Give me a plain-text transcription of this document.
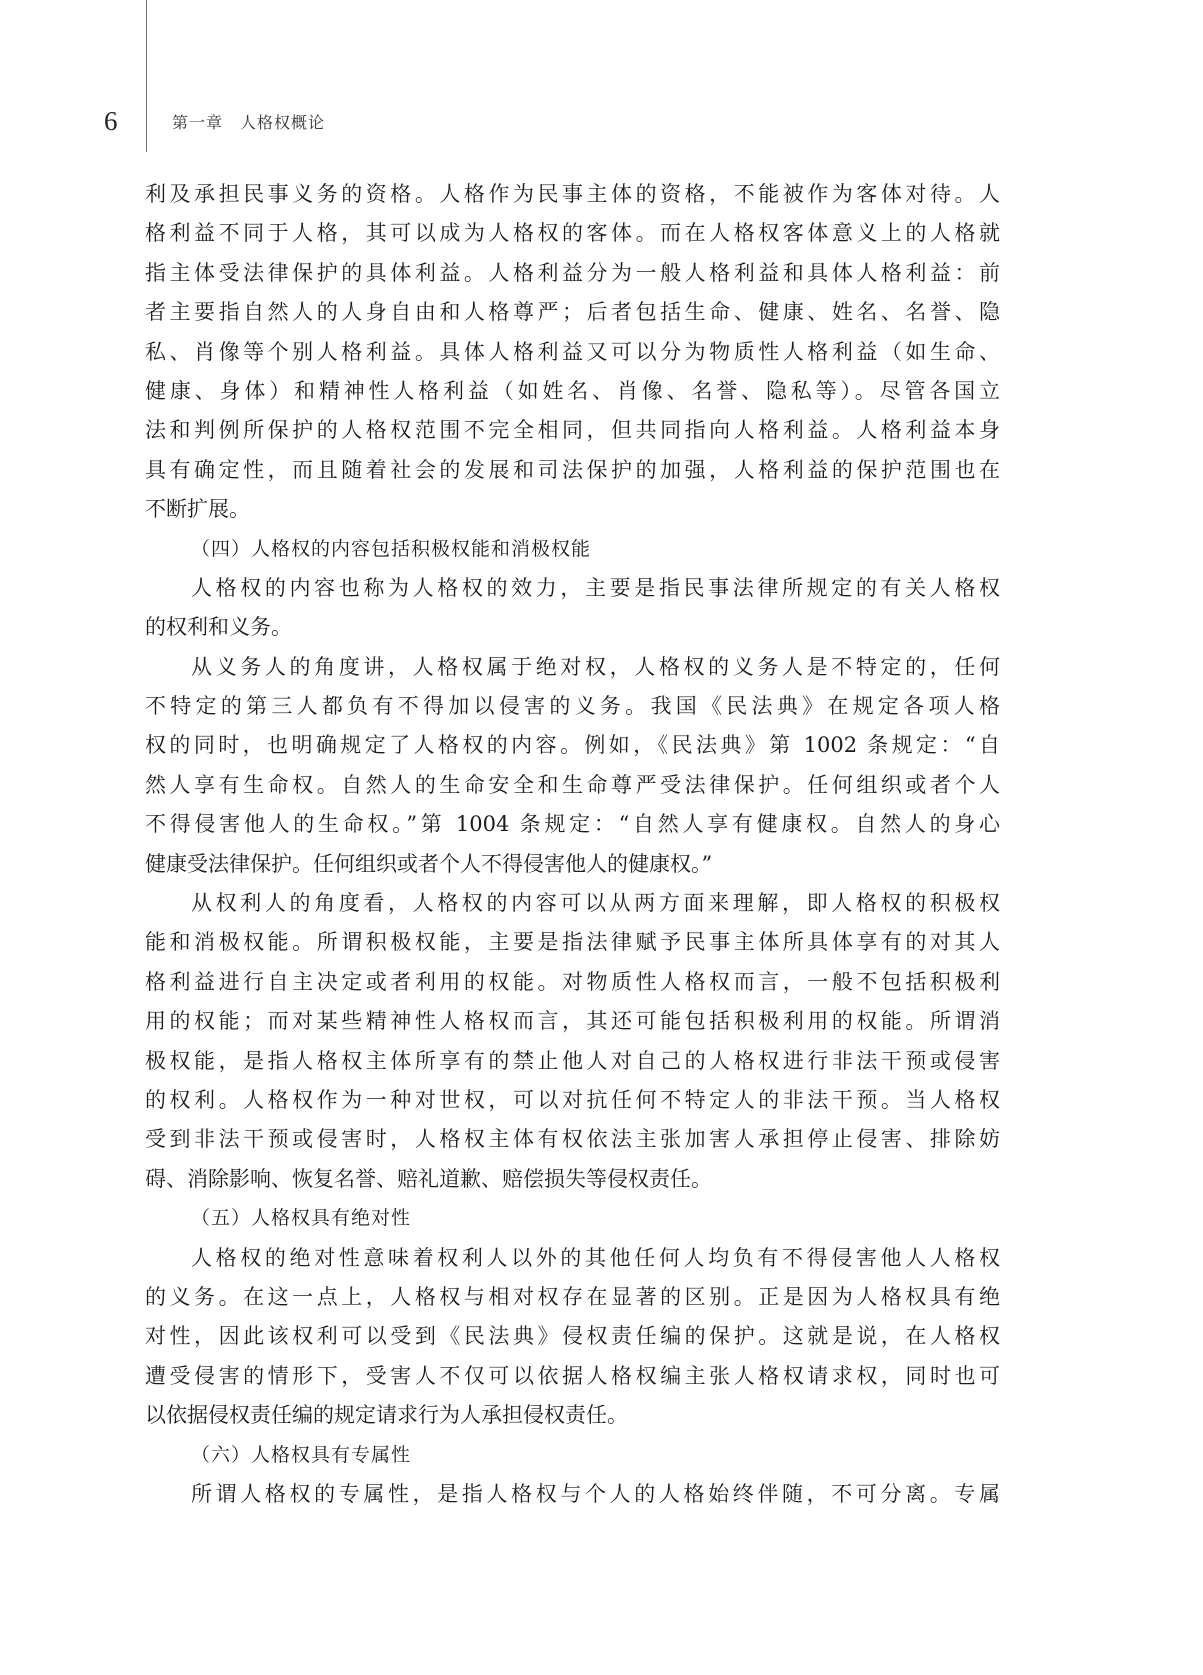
6	第一章　人格权概论
利及承担民事义务的资格。人格作为民事主体的资格，不能被作为客体对待。人
格利益不同于人格，其可以成为人格权的客体。而在人格权客体意义上的人格就
指主体受法律保护的具体利益。人格利益分为一般人格利益和具体人格利益：前
者主要指自然人的人身自由和人格尊严；后者包括生命、健康、姓名、名誉、隐
私、肖像等个别人格利益。具体人格利益又可以分为物质性人格利益（如生命、
健康、身体）和精神性人格利益（如姓名、肖像、名誉、隐私等）。尽管各国立
法和判例所保护的人格权范围不完全相同，但共同指向人格利益。人格利益本身
具有确定性，而且随着社会的发展和司法保护的加强，人格利益的保护范围也在
不断扩展。
（四）人格权的内容包括积极权能和消极权能
人格权的内容也称为人格权的效力，主要是指民事法律所规定的有关人格权
的权利和义务。
从义务人的角度讲，人格权属于绝对权，人格权的义务人是不特定的，任何
不特定的第三人都负有不得加以侵害的义务。我国《民法典》在规定各项人格
权的同时，也明确规定了人格权的内容。例如，《民法典》第 1002 条规定：“自
然人享有生命权。自然人的生命安全和生命尊严受法律保护。任何组织或者个人
不得侵害他人的生命权。”第 1004 条规定：“自然人享有健康权。自然人的身心
健康受法律保护。任何组织或者个人不得侵害他人的健康权。”
从权利人的角度看，人格权的内容可以从两方面来理解，即人格权的积极权
能和消极权能。所谓积极权能，主要是指法律赋予民事主体所具体享有的对其人
格利益进行自主决定或者利用的权能。对物质性人格权而言，一般不包括积极利
用的权能；而对某些精神性人格权而言，其还可能包括积极利用的权能。所谓消
极权能，是指人格权主体所享有的禁止他人对自己的人格权进行非法干预或侵害
的权利。人格权作为一种对世权，可以对抗任何不特定人的非法干预。当人格权
受到非法干预或侵害时，人格权主体有权依法主张加害人承担停止侵害、排除妨
碍、消除影响、恢复名誉、赔礼道歉、赔偿损失等侵权责任。
（五）人格权具有绝对性
人格权的绝对性意味着权利人以外的其他任何人均负有不得侵害他人人格权
的义务。在这一点上，人格权与相对权存在显著的区别。正是因为人格权具有绝
对性，因此该权利可以受到《民法典》侵权责任编的保护。这就是说，在人格权
遭受侵害的情形下，受害人不仅可以依据人格权编主张人格权请求权，同时也可
以依据侵权责任编的规定请求行为人承担侵权责任。
（六）人格权具有专属性
所谓人格权的专属性，是指人格权与个人的人格始终伴随，不可分离。专属
